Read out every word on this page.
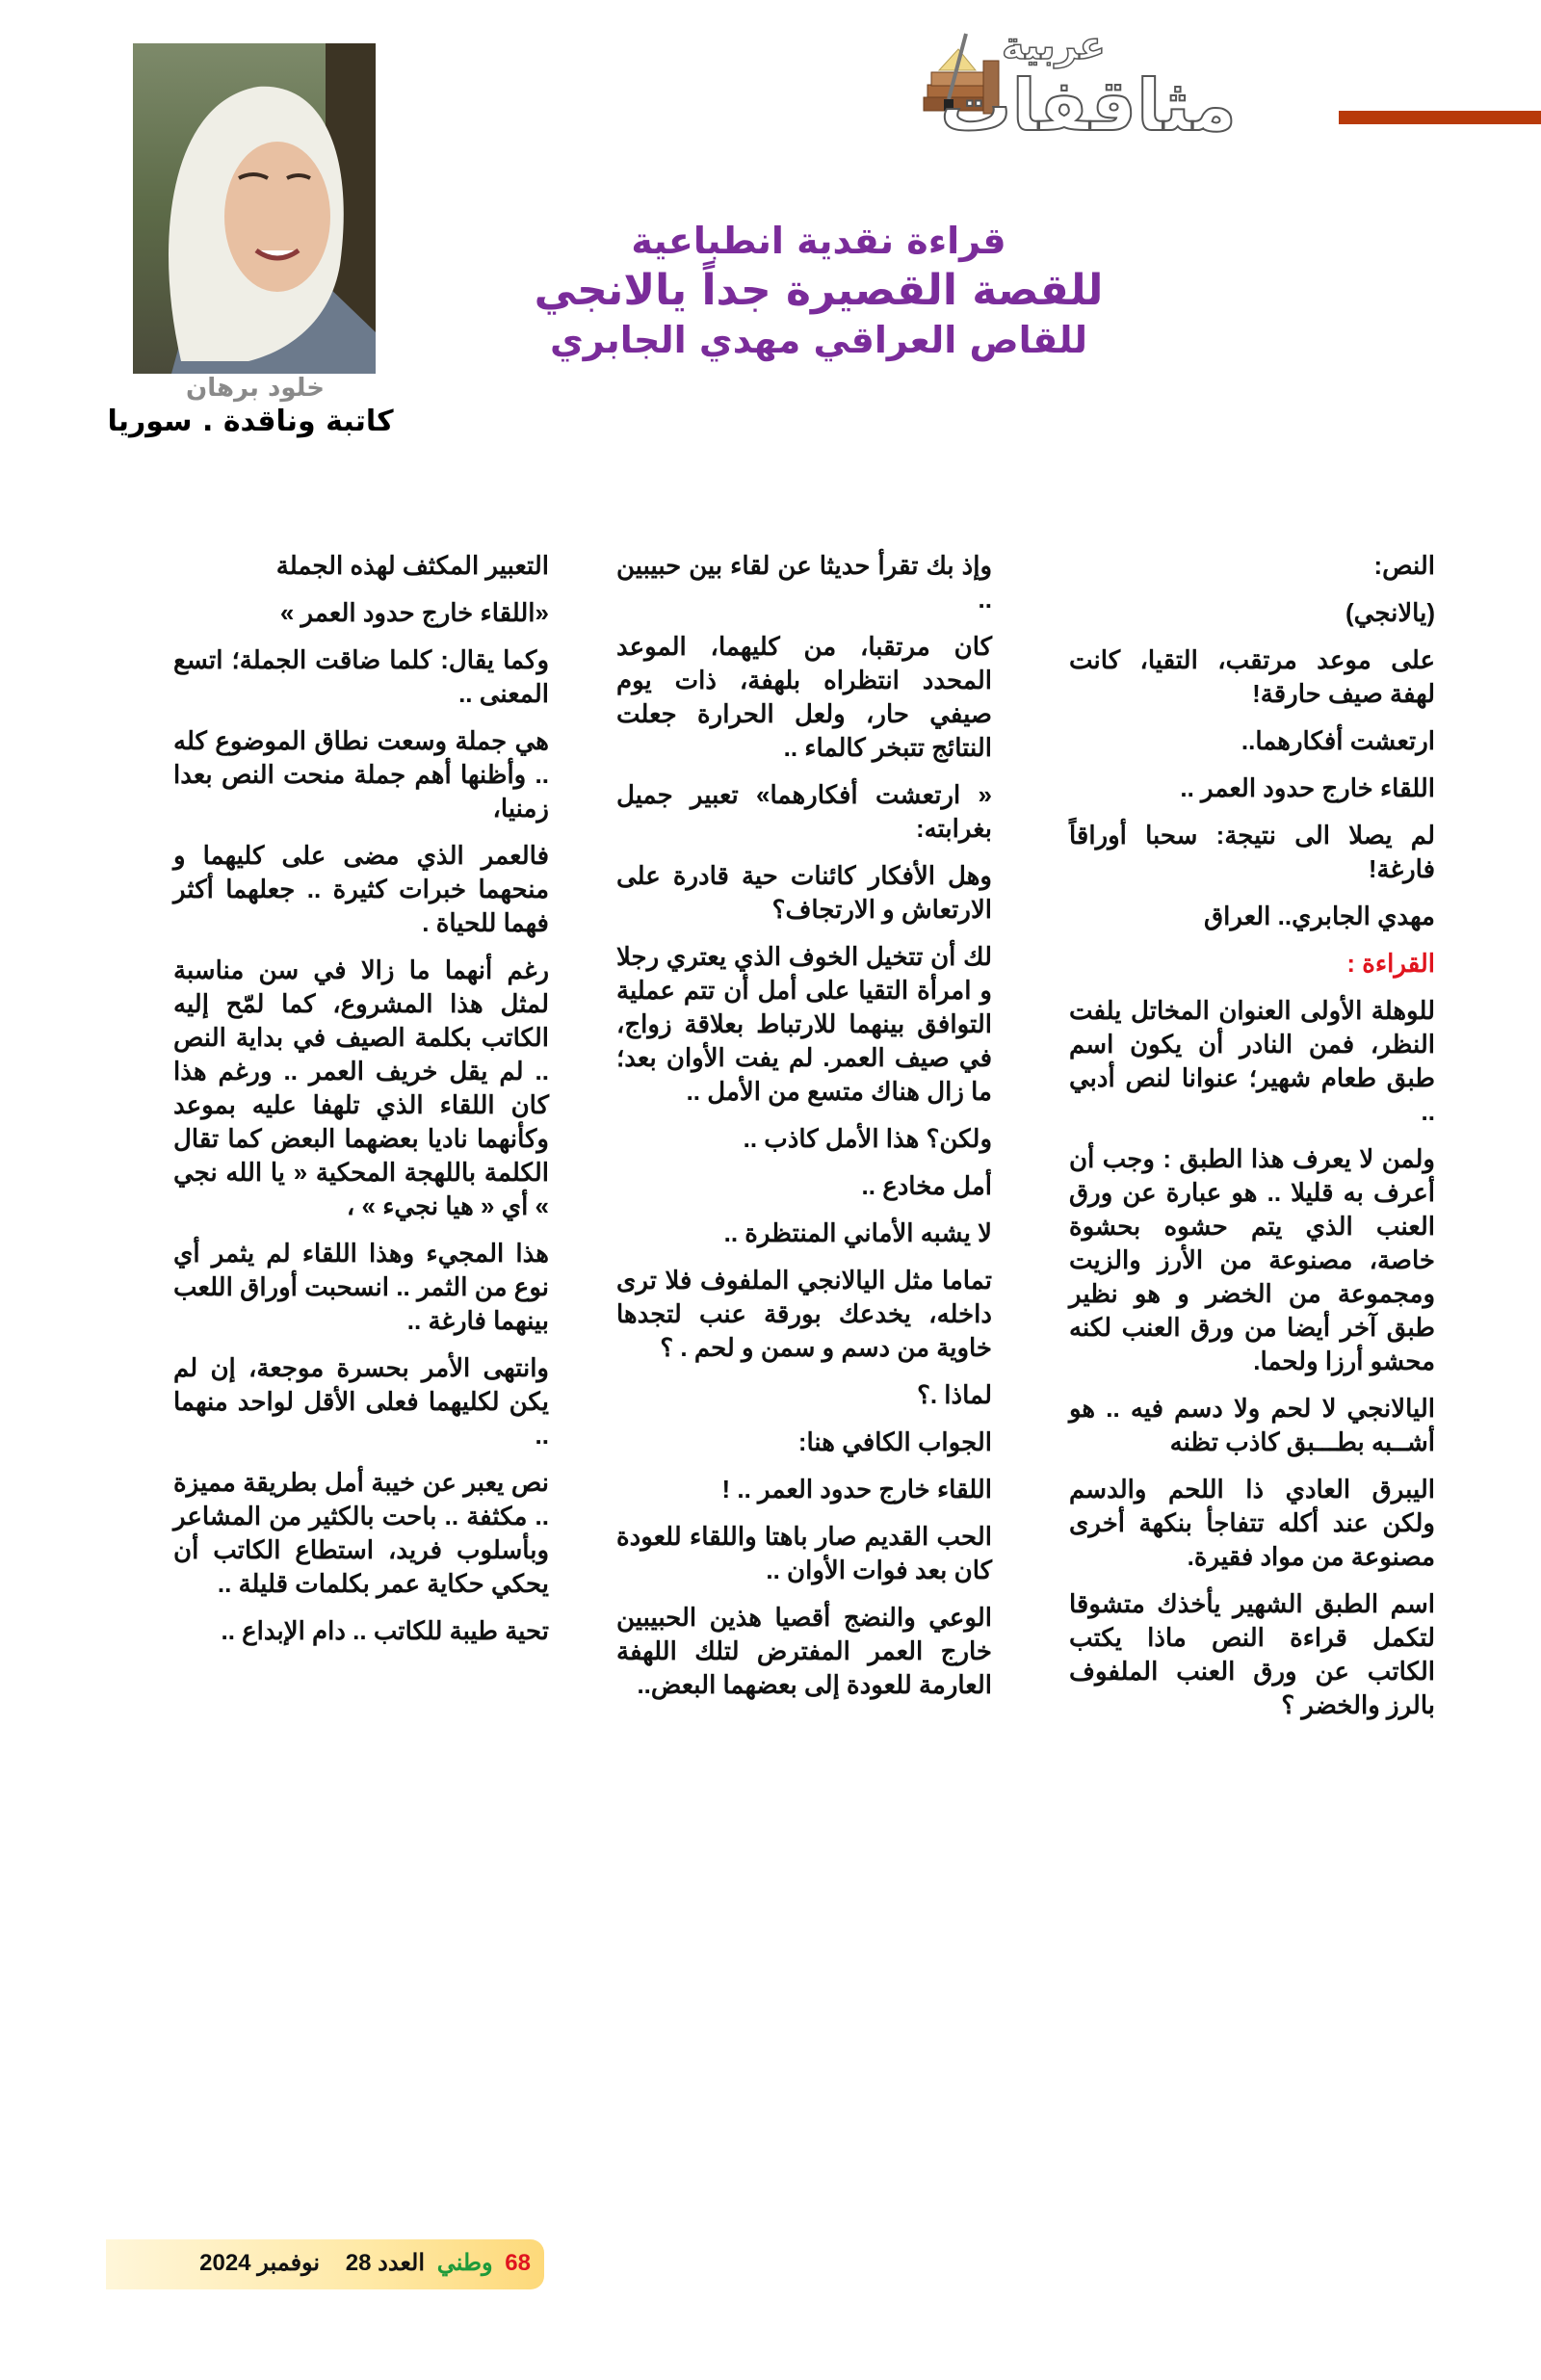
عربية
مثاقفات
خلود برهان
كاتبة وناقدة . سوريا
قراءة نقدية انطباعية
للقصة القصيرة جداً يالانجي
للقاص العراقي مهدي الجابري

النص:

(يالانجي)

على موعد مرتقب، التقيا، كانت لهفة صيف حارقة!

ارتعشت أفكارهما..

اللقاء خارج حدود العمر ..

لم يصلا الى نتيجة: سحبا أوراقاً فارغة!

مهدي الجابري.. العراق

القراءة :

للوهلة الأولى العنوان المخاتل يلفت النظر، فمن النادر أن يكون اسم طبق طعام شهير؛ عنوانا لنص أدبي ..

ولمن لا يعرف هذا الطبق : وجب أن أعرف به قليلا .. هو عبارة عن ورق العنب الذي يتم حشوه بحشوة خاصة، مصنوعة من الأرز والزيت ومجموعة من الخضر و هو نظير طبق آخر أيضا من ورق العنب لكنه محشو أرزا ولحما.

اليالانجي لا لحم ولا دسم فيه .. هو أشــبه بطـــبق كاذب تظنه

اليبرق العادي ذا اللحم والدسم ولكن عند أكله تتفاجأ بنكهة أخرى مصنوعة من مواد فقيرة.

اسم الطبق الشهير يأخذك متشوقا لتكمل قراءة النص ماذا يكتب الكاتب عن ورق العنب الملفوف بالرز والخضر ؟

وإذ بك تقرأ حديثا عن لقاء بين حبيبين ..

كان مرتقبا، من كليهما، الموعد المحدد انتظراه بلهفة، ذات يوم صيفي حار، ولعل الحرارة جعلت النتائج تتبخر كالماء ..

« ارتعشت أفكارهما» تعبير جميل بغرابته:

وهل الأفكار كائنات حية قادرة على الارتعاش و الارتجاف؟

لك أن تتخيل الخوف الذي يعتري رجلا و امرأة التقيا على أمل أن تتم عملية التوافق بينهما للارتباط بعلاقة زواج، في صيف العمر. لم يفت الأوان بعد؛ ما زال هناك متسع من الأمل ..

ولكن؟ هذا الأمل كاذب ..

أمل مخادع ..

لا يشبه الأماني المنتظرة ..

تماما مثل اليالانجي الملفوف فلا ترى داخله، يخدعك بورقة عنب لتجدها خاوية من دسم و سمن و لحم . ؟

لماذا .؟

الجواب الكافي هنا:

اللقاء خارج حدود العمر .. !

الحب القديم صار باهتا واللقاء للعودة كان بعد فوات الأوان ..

الوعي والنضج أقصيا هذين الحبيبين خارج العمر المفترض لتلك اللهفة العارمة للعودة إلى بعضهما البعض..

التعبير المكثف لهذه الجملة

«اللقاء خارج حدود العمر »

وكما يقال: كلما ضاقت الجملة؛ اتسع المعنى ..

هي جملة وسعت نطاق الموضوع كله .. وأظنها أهم جملة منحت النص بعدا زمنيا،

فالعمر الذي مضى على كليهما و منحهما خبرات كثيرة .. جعلهما أكثر فهما للحياة .

رغم أنهما ما زالا في سن مناسبة لمثل هذا المشروع، كما لمّح إليه الكاتب بكلمة الصيف في بداية النص .. لم يقل خريف العمر .. ورغم هذا كان اللقاء الذي تلهفا عليه بموعد وكأنهما ناديا بعضهما البعض كما تقال الكلمة باللهجة المحكية « يا الله نجي » أي « هيا نجيء » ،

هذا المجيء وهذا اللقاء لم يثمر أي نوع من الثمر .. انسحبت أوراق اللعب بينهما فارغة ..

وانتهى الأمر بحسرة موجعة، إن لم يكن لكليهما فعلى الأقل لواحد منهما ..

نص يعبر عن خيبة أمل بطريقة مميزة .. مكثفة .. باحت بالكثير من المشاعر وبأسلوب فريد، استطاع الكاتب أن يحكي حكاية عمر بكلمات قليلة ..

تحية طيبة للكاتب .. دام الإبداع ..

68 وطني العدد 28    نوفمبر 2024
